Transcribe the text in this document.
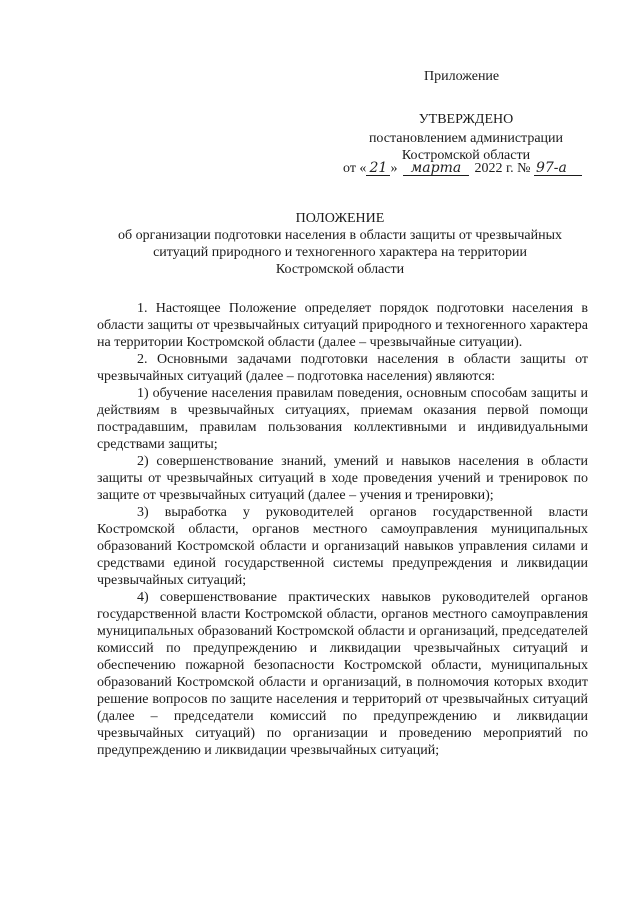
Приложение
УТВЕРЖДЕНО
постановлением администрации
Костромской области
от « 21 » марта 2022 г. № 97-а
ПОЛОЖЕНИЕ
об организации подготовки населения в области защиты от чрезвычайных
ситуаций природного и техногенного характера на территории
Костромской области

1. Настоящее Положение определяет порядок подготовки населения в области защиты от чрезвычайных ситуаций природного и техногенного характера на территории Костромской области (далее – чрезвычайные ситуации).

2. Основными задачами подготовки населения в области защиты от чрезвычайных ситуаций (далее – подготовка населения) являются:

1) обучение населения правилам поведения, основным способам защиты и действиям в чрезвычайных ситуациях, приемам оказания первой помощи пострадавшим, правилам пользования коллективными и индивидуальными средствами защиты;

2) совершенствование знаний, умений и навыков населения в области защиты от чрезвычайных ситуаций в ходе проведения учений и тренировок по защите от чрезвычайных ситуаций (далее – учения и тренировки);

3) выработка у руководителей органов государственной власти Костромской области, органов местного самоуправления муниципальных образований Костромской области и организаций навыков управления силами и средствами единой государственной системы предупреждения и ликвидации чрезвычайных ситуаций;

4) совершенствование практических навыков руководителей органов государственной власти Костромской области, органов местного самоуправления муниципальных образований Костромской области и организаций, председателей комиссий по предупреждению и ликвидации чрезвычайных ситуаций и обеспечению пожарной безопасности Костромской области, муниципальных образований Костромской области и организаций, в полномочия которых входит решение вопросов по защите населения и территорий от чрезвычайных ситуаций (далее – председатели комиссий по предупреждению и ликвидации чрезвычайных ситуаций) по организации и проведению мероприятий по предупреждению и ликвидации чрезвычайных ситуаций;
